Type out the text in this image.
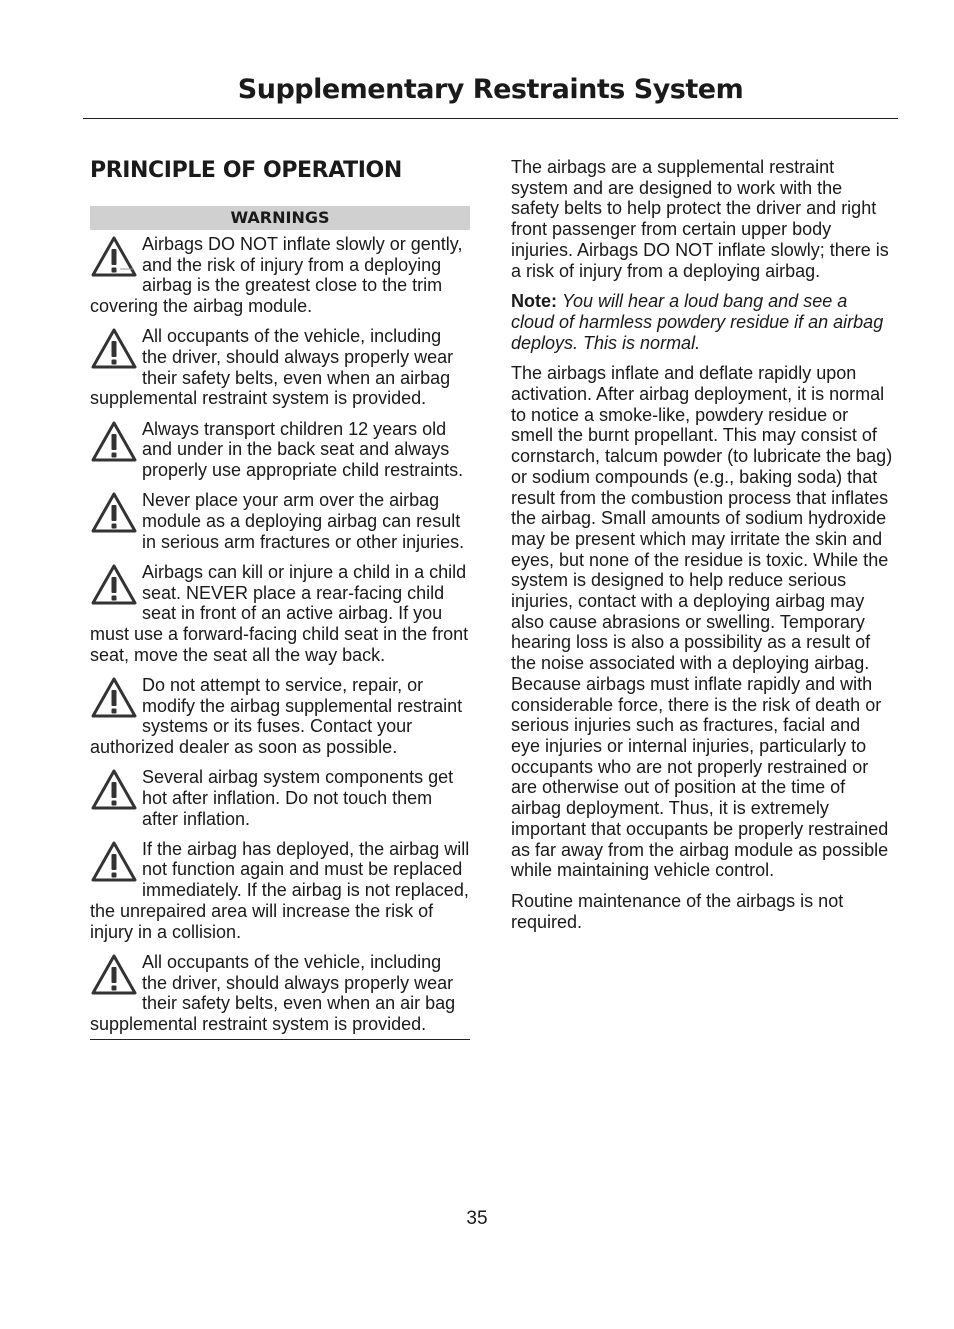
Supplementary Restraints System
PRINCIPLE OF OPERATION
WARNINGS
Airbags DO NOT inflate slowly or gently, and the risk of injury from a deploying airbag is the greatest close to the trim covering the airbag module.
All occupants of the vehicle, including the driver, should always properly wear their safety belts, even when an airbag supplemental restraint system is provided.
Always transport children 12 years old and under in the back seat and always properly use appropriate child restraints.
Never place your arm over the airbag module as a deploying airbag can result in serious arm fractures or other injuries.
Airbags can kill or injure a child in a child seat. NEVER place a rear-facing child seat in front of an active airbag. If you must use a forward-facing child seat in the front seat, move the seat all the way back.
Do not attempt to service, repair, or modify the airbag supplemental restraint systems or its fuses. Contact your authorized dealer as soon as possible.
Several airbag system components get hot after inflation. Do not touch them after inflation.
If the airbag has deployed, the airbag will not function again and must be replaced immediately. If the airbag is not replaced, the unrepaired area will increase the risk of injury in a collision.
All occupants of the vehicle, including the driver, should always properly wear their safety belts, even when an air bag supplemental restraint system is provided.

The airbags are a supplemental restraint system and are designed to work with the safety belts to help protect the driver and right front passenger from certain upper body injuries. Airbags DO NOT inflate slowly; there is a risk of injury from a deploying airbag.

Note: You will hear a loud bang and see a cloud of harmless powdery residue if an airbag deploys. This is normal.

The airbags inflate and deflate rapidly upon activation. After airbag deployment, it is normal to notice a smoke-like, powdery residue or smell the burnt propellant. This may consist of cornstarch, talcum powder (to lubricate the bag) or sodium compounds (e.g., baking soda) that result from the combustion process that inflates the airbag. Small amounts of sodium hydroxide may be present which may irritate the skin and eyes, but none of the residue is toxic. While the system is designed to help reduce serious injuries, contact with a deploying airbag may also cause abrasions or swelling. Temporary hearing loss is also a possibility as a result of the noise associated with a deploying airbag. Because airbags must inflate rapidly and with considerable force, there is the risk of death or serious injuries such as fractures, facial and eye injuries or internal injuries, particularly to occupants who are not properly restrained or are otherwise out of position at the time of airbag deployment. Thus, it is extremely important that occupants be properly restrained as far away from the airbag module as possible while maintaining vehicle control.

Routine maintenance of the airbags is not required.

35
